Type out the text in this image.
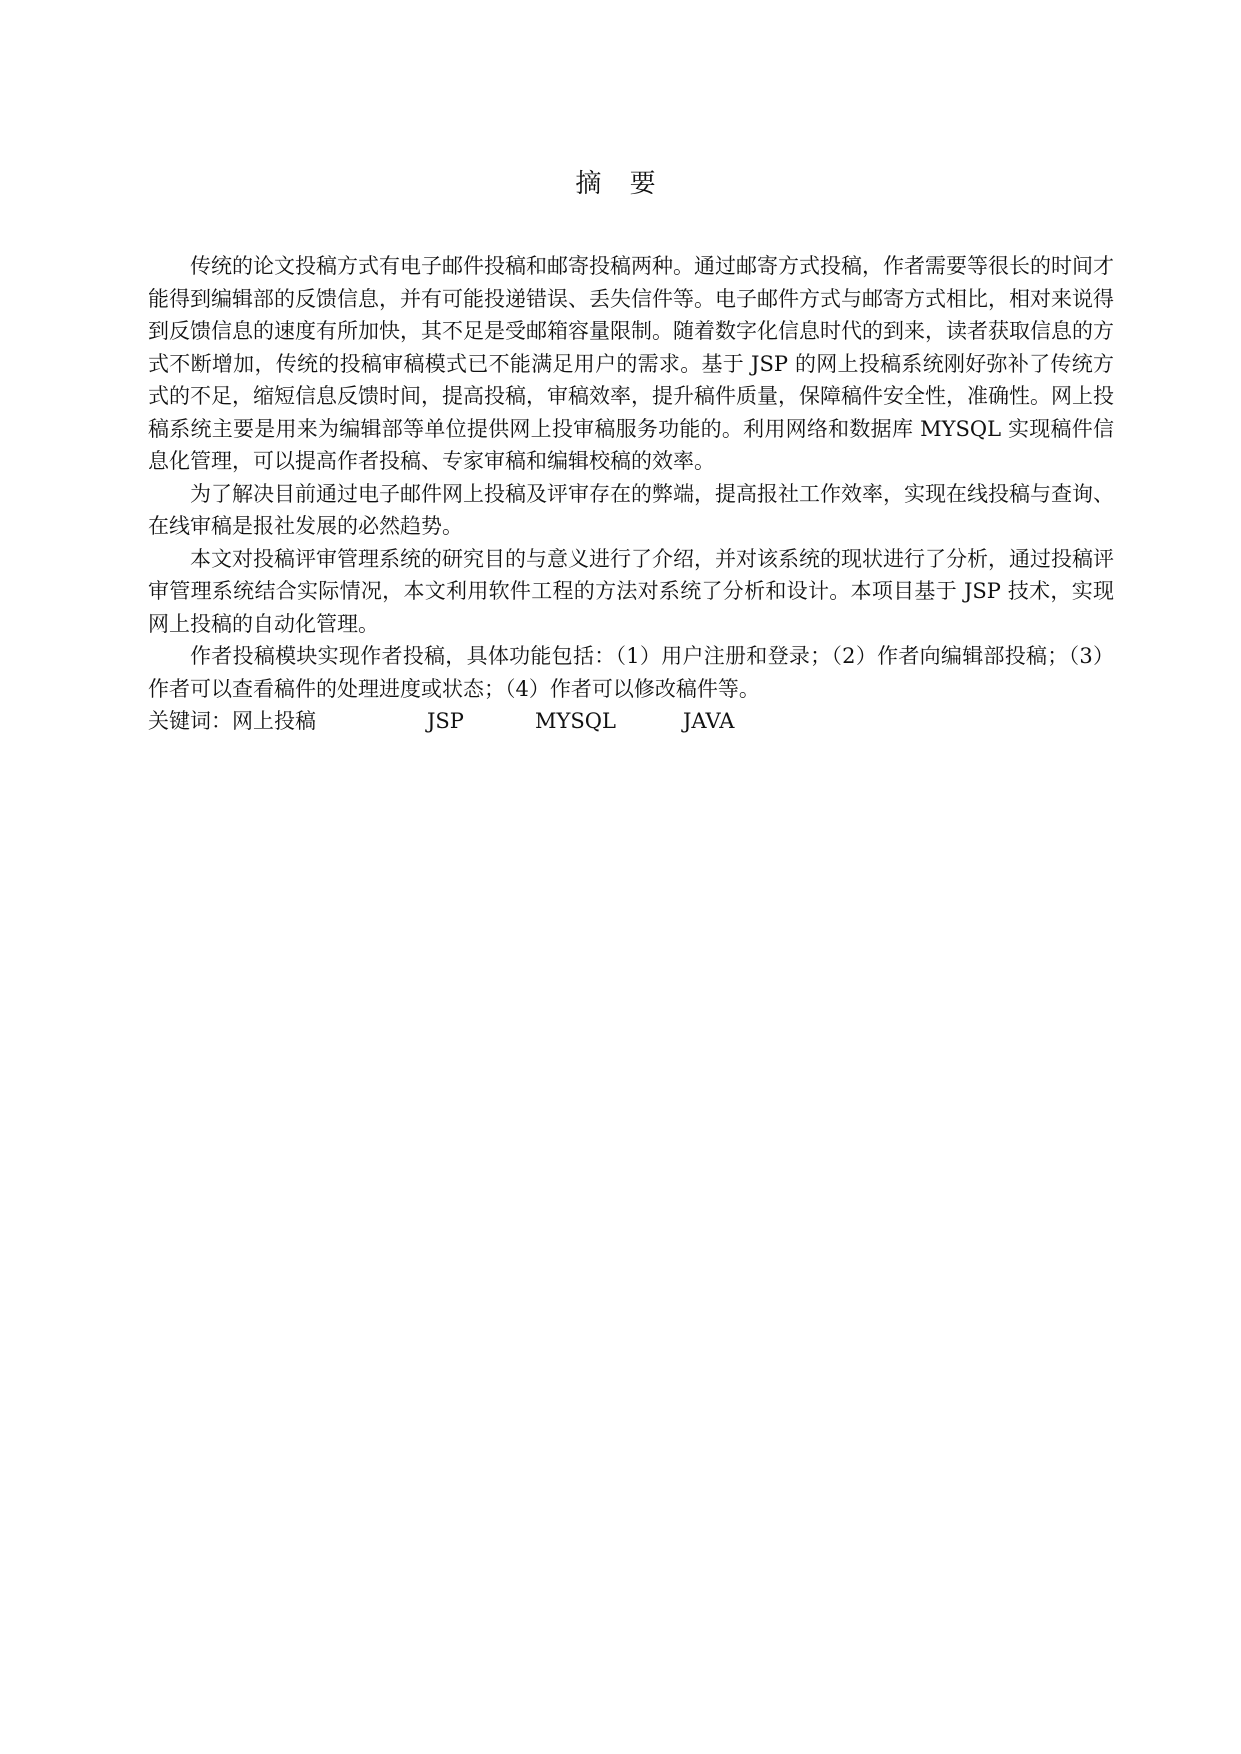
摘 要

传统的论文投稿方式有电子邮件投稿和邮寄投稿两种。通过邮寄方式投稿，作者需要等很长的时间才能得到编辑部的反馈信息，并有可能投递错误、丢失信件等。电子邮件方式与邮寄方式相比，相对来说得到反馈信息的速度有所加快，其不足是受邮箱容量限制。随着数字化信息时代的到来，读者获取信息的方式不断增加，传统的投稿审稿模式已不能满足用户的需求。基于 JSP 的网上投稿系统刚好弥补了传统方式的不足，缩短信息反馈时间，提高投稿，审稿效率，提升稿件质量，保障稿件安全性，准确性。网上投稿系统主要是用来为编辑部等单位提供网上投审稿服务功能的。利用网络和数据库 MYSQL 实现稿件信息化管理，可以提高作者投稿、专家审稿和编辑校稿的效率。

为了解决目前通过电子邮件网上投稿及评审存在的弊端，提高报社工作效率，实现在线投稿与查询、在线审稿是报社发展的必然趋势。

本文对投稿评审管理系统的研究目的与意义进行了介绍，并对该系统的现状进行了分析，通过投稿评审管理系统结合实际情况，本文利用软件工程的方法对系统了分析和设计。本项目基于 JSP 技术，实现网上投稿的自动化管理。

作者投稿模块实现作者投稿，具体功能包括：（1）用户注册和登录；（2）作者向编辑部投稿；（3）作者可以查看稿件的处理进度或状态；（4）作者可以修改稿件等。

关键词：网上投稿	JSP	MYSQL	JAVA
